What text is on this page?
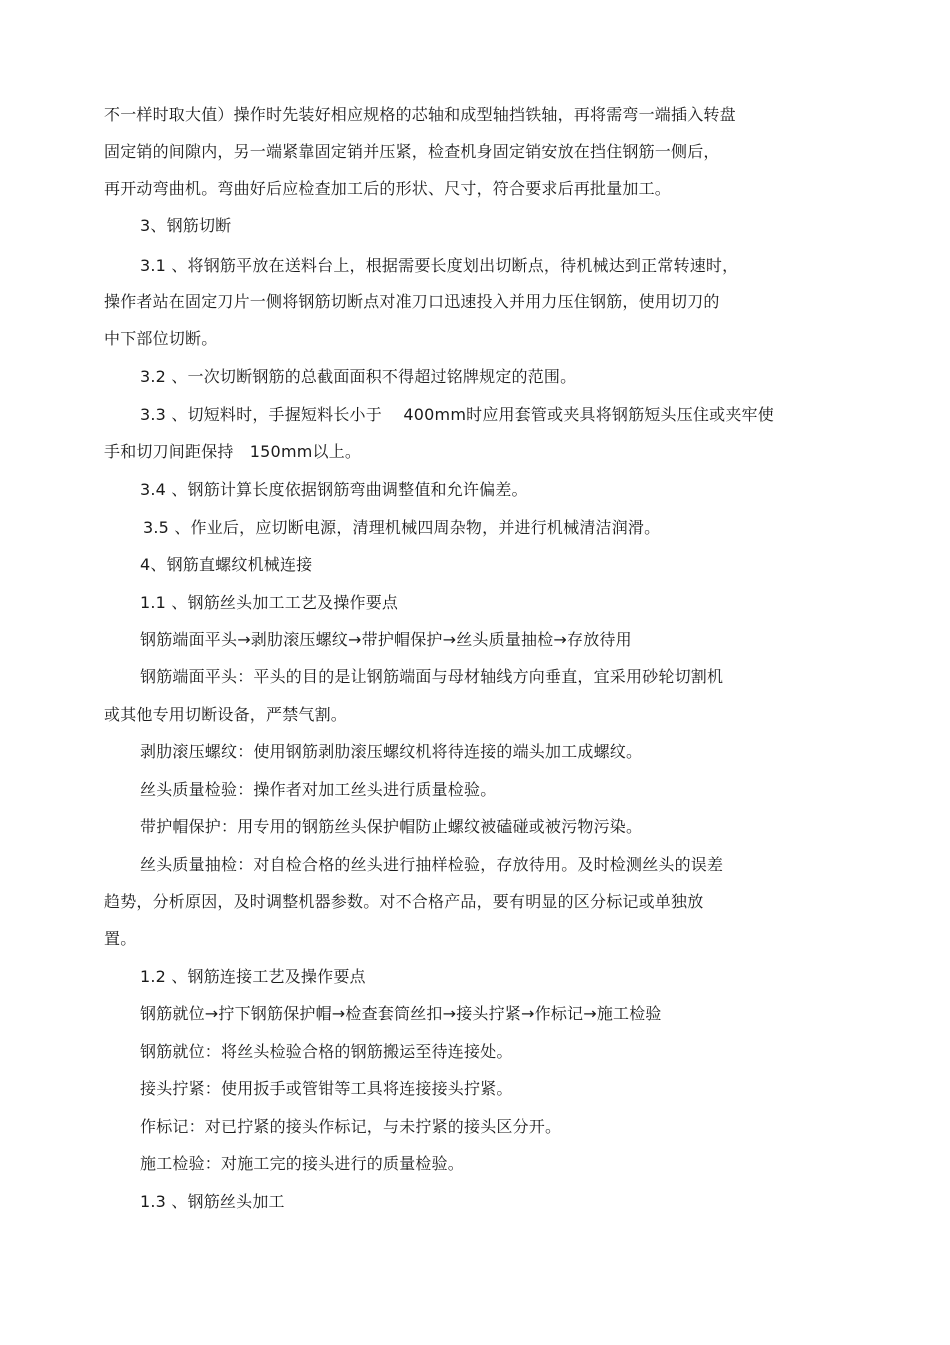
不一样时取大值）操作时先装好相应规格的芯轴和成型轴挡铁轴，再将需弯一端插入转盘
固定销的间隙内，另一端紧靠固定销并压紧，检查机身固定销安放在挡住钢筋一侧后，
再开动弯曲机。弯曲好后应检查加工后的形状、尺寸，符合要求后再批量加工。
3、钢筋切断
3.1 、将钢筋平放在送料台上，根据需要长度划出切断点，待机械达到正常转速时，
操作者站在固定刀片一侧将钢筋切断点对准刀口迅速投入并用力压住钢筋，使用切刀的
中下部位切断。
3.2 、一次切断钢筋的总截面面积不得超过铭牌规定的范围。
3.3 、切短料时，手握短料长小于　 400mm时应用套管或夹具将钢筋短头压住或夹牢使
手和切刀间距保持　150mm以上。
3.4 、钢筋计算长度依据钢筋弯曲调整值和允许偏差。
3.5 、作业后，应切断电源，清理机械四周杂物，并进行机械清洁润滑。
4、钢筋直螺纹机械连接
1.1 、钢筋丝头加工工艺及操作要点
钢筋端面平头→剥肋滚压螺纹→带护帽保护→丝头质量抽检→存放待用
钢筋端面平头：平头的目的是让钢筋端面与母材轴线方向垂直，宜采用砂轮切割机
或其他专用切断设备，严禁气割。
剥肋滚压螺纹：使用钢筋剥肋滚压螺纹机将待连接的端头加工成螺纹。
丝头质量检验：操作者对加工丝头进行质量检验。
带护帽保护：用专用的钢筋丝头保护帽防止螺纹被磕碰或被污物污染。
丝头质量抽检：对自检合格的丝头进行抽样检验，存放待用。及时检测丝头的误差
趋势，分析原因，及时调整机器参数。对不合格产品，要有明显的区分标记或单独放
置。
1.2 、钢筋连接工艺及操作要点
钢筋就位→拧下钢筋保护帽→检查套筒丝扣→接头拧紧→作标记→施工检验
钢筋就位：将丝头检验合格的钢筋搬运至待连接处。
接头拧紧：使用扳手或管钳等工具将连接接头拧紧。
作标记：对已拧紧的接头作标记，与未拧紧的接头区分开。
施工检验：对施工完的接头进行的质量检验。
1.3 、钢筋丝头加工
